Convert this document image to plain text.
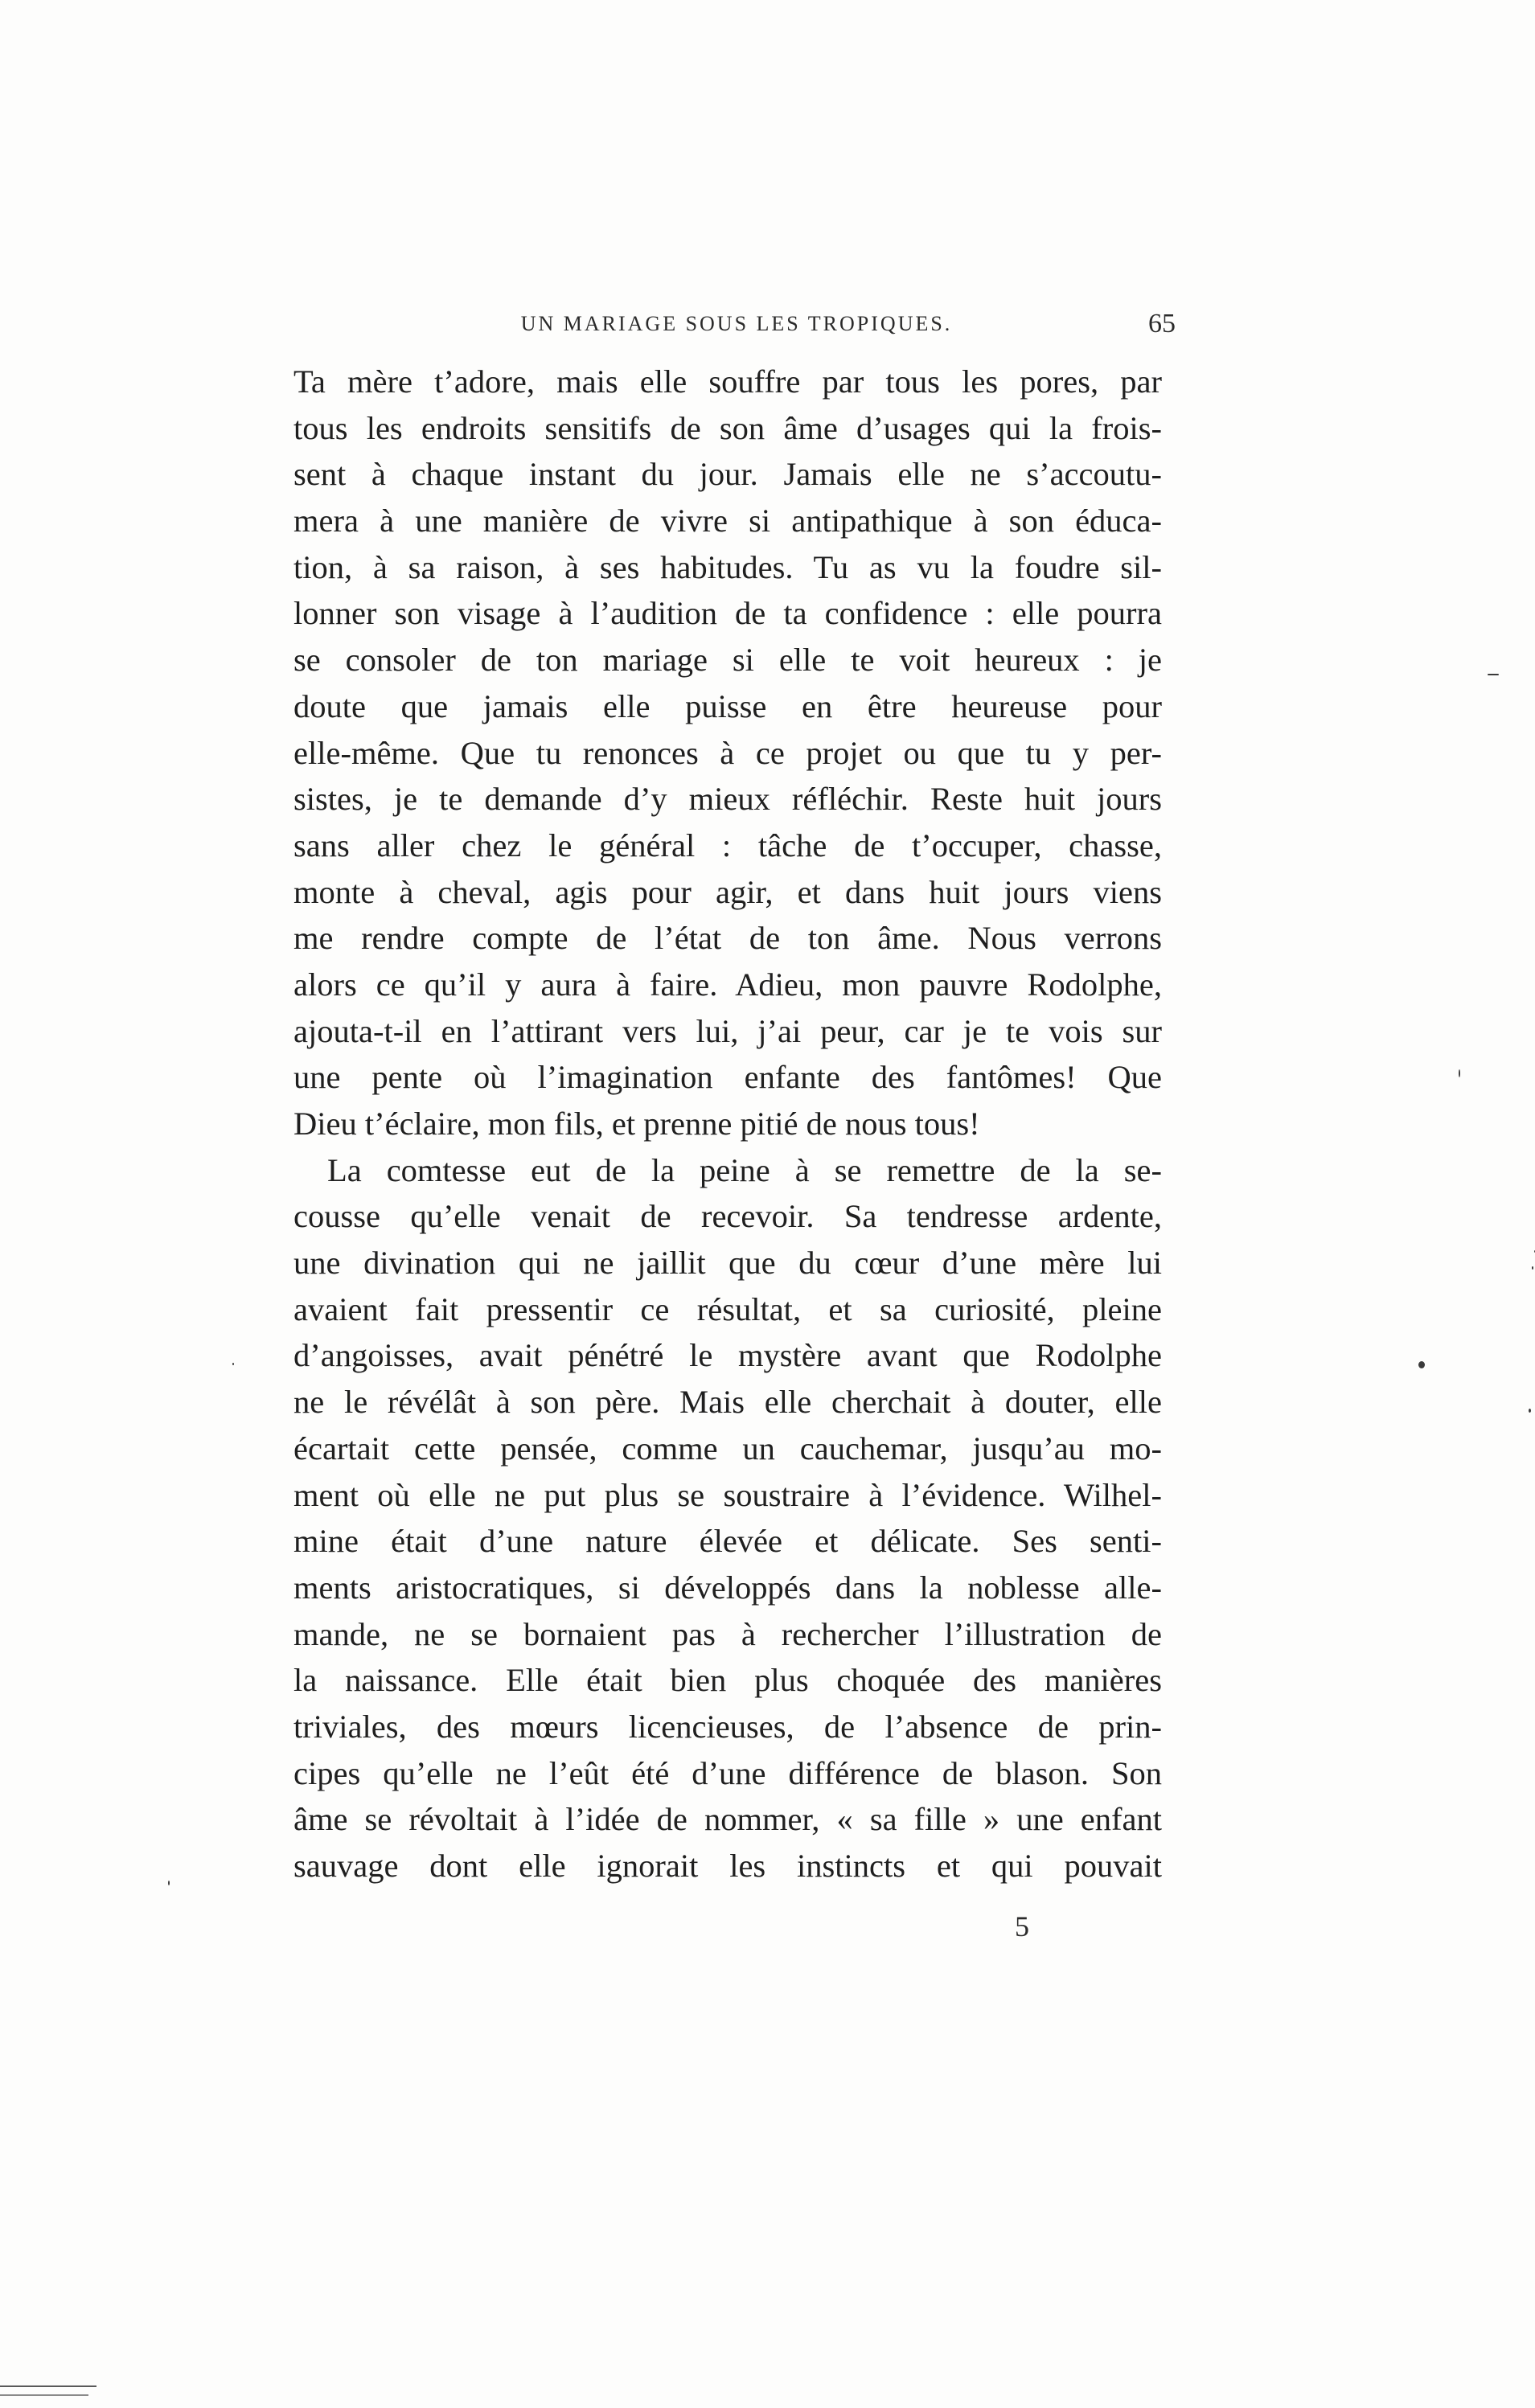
UN MARIAGE SOUS LES TROPIQUES.	65
Ta mère t’adore, mais elle souffre par tous les pores, par
tous les endroits sensitifs de son âme d’usages qui la frois-
sent à chaque instant du jour. Jamais elle ne s’accoutu-
mera à une manière de vivre si antipathique à son éduca-
tion, à sa raison, à ses habitudes. Tu as vu la foudre sil-
lonner son visage à l’audition de ta confidence : elle pourra
se consoler de ton mariage si elle te voit heureux : je
doute que jamais elle puisse en être heureuse pour
elle-même. Que tu renonces à ce projet ou que tu y per-
sistes, je te demande d’y mieux réfléchir. Reste huit jours
sans aller chez le général : tâche de t’occuper, chasse,
monte à cheval, agis pour agir, et dans huit jours viens
me rendre compte de l’état de ton âme. Nous verrons
alors ce qu’il y aura à faire. Adieu, mon pauvre Rodolphe,
ajouta-t-il en l’attirant vers lui, j’ai peur, car je te vois sur
une pente où l’imagination enfante des fantômes! Que
Dieu t’éclaire, mon fils, et prenne pitié de nous tous!
La comtesse eut de la peine à se remettre de la se-
cousse qu’elle venait de recevoir. Sa tendresse ardente,
une divination qui ne jaillit que du cœur d’une mère lui
avaient fait pressentir ce résultat, et sa curiosité, pleine
d’angoisses, avait pénétré le mystère avant que Rodolphe
ne le révélât à son père. Mais elle cherchait à douter, elle
écartait cette pensée, comme un cauchemar, jusqu’au mo-
ment où elle ne put plus se soustraire à l’évidence. Wilhel-
mine était d’une nature élevée et délicate. Ses senti-
ments aristocratiques, si développés dans la noblesse alle-
mande, ne se bornaient pas à rechercher l’illustration de
la naissance. Elle était bien plus choquée des manières
triviales, des mœurs licencieuses, de l’absence de prin-
cipes qu’elle ne l’eût été d’une différence de blason. Son
âme se révoltait à l’idée de nommer, « sa fille » une enfant
sauvage dont elle ignorait les instincts et qui pouvait
5
